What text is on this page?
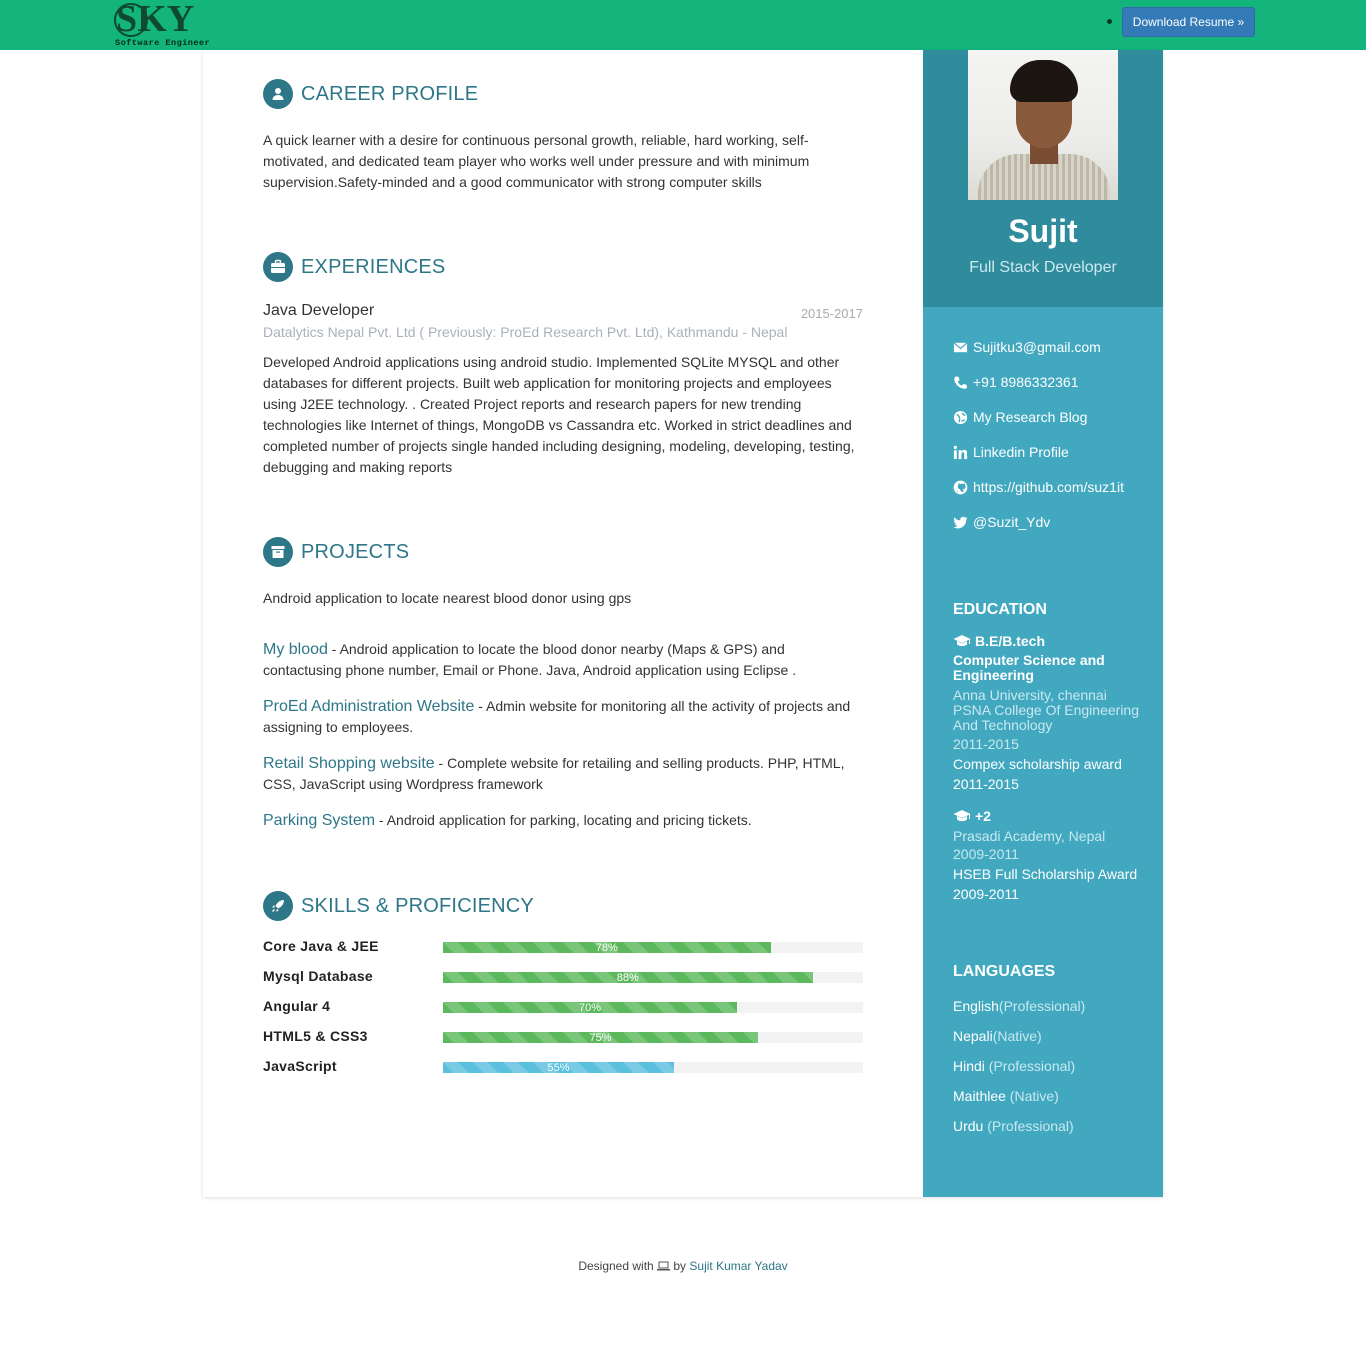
SKY
Software Engineer
Download Resume »
CAREER PROFILE
A quick learner with a desire for continuous personal growth, reliable, hard working, self-motivated, and dedicated team player who works well under pressure and with minimum supervision.Safety-minded and a good communicator with strong computer skills
EXPERIENCES
Java Developer	2015-2017
Datalytics Nepal Pvt. Ltd ( Previously: ProEd Research Pvt. Ltd), Kathmandu - Nepal
Developed Android applications using android studio. Implemented SQLite MYSQL and other databases for different projects. Built web application for monitoring projects and employees using J2EE technology. . Created Project reports and research papers for new trending technologies like Internet of things, MongoDB vs Cassandra etc. Worked in strict deadlines and completed number of projects single handed including designing, modeling, developing, testing, debugging and making reports
PROJECTS
Android application to locate nearest blood donor using gps
My blood - Android application to locate the blood donor nearby (Maps & GPS) and contactusing phone number, Email or Phone. Java, Android application using Eclipse .
ProEd Administration Website - Admin website for monitoring all the activity of projects and assigning to employees.
Retail Shopping website - Complete website for retailing and selling products. PHP, HTML, CSS, JavaScript using Wordpress framework
Parking System - Android application for parking, locating and pricing tickets.
SKILLS & PROFICIENCY
Core Java & JEE	78%
Mysql Database	88%
Angular 4	70%
HTML5 & CSS3	75%
JavaScript	55%
Sujit
Full Stack Developer
Sujitku3@gmail.com
+91 8986332361
My Research Blog
Linkedin Profile
https://github.com/suz1it
@Suzit_Ydv
EDUCATION
B.E/B.tech
Computer Science and Engineering
Anna University, chennai PSNA College Of Engineering And Technology
2011-2015
Compex scholarship award 2011-2015
+2
Prasadi Academy, Nepal
2009-2011
HSEB Full Scholarship Award 2009-2011
LANGUAGES
English(Professional)
Nepali(Native)
Hindi (Professional)
Maithlee (Native)
Urdu (Professional)
Designed with  by Sujit Kumar Yadav
